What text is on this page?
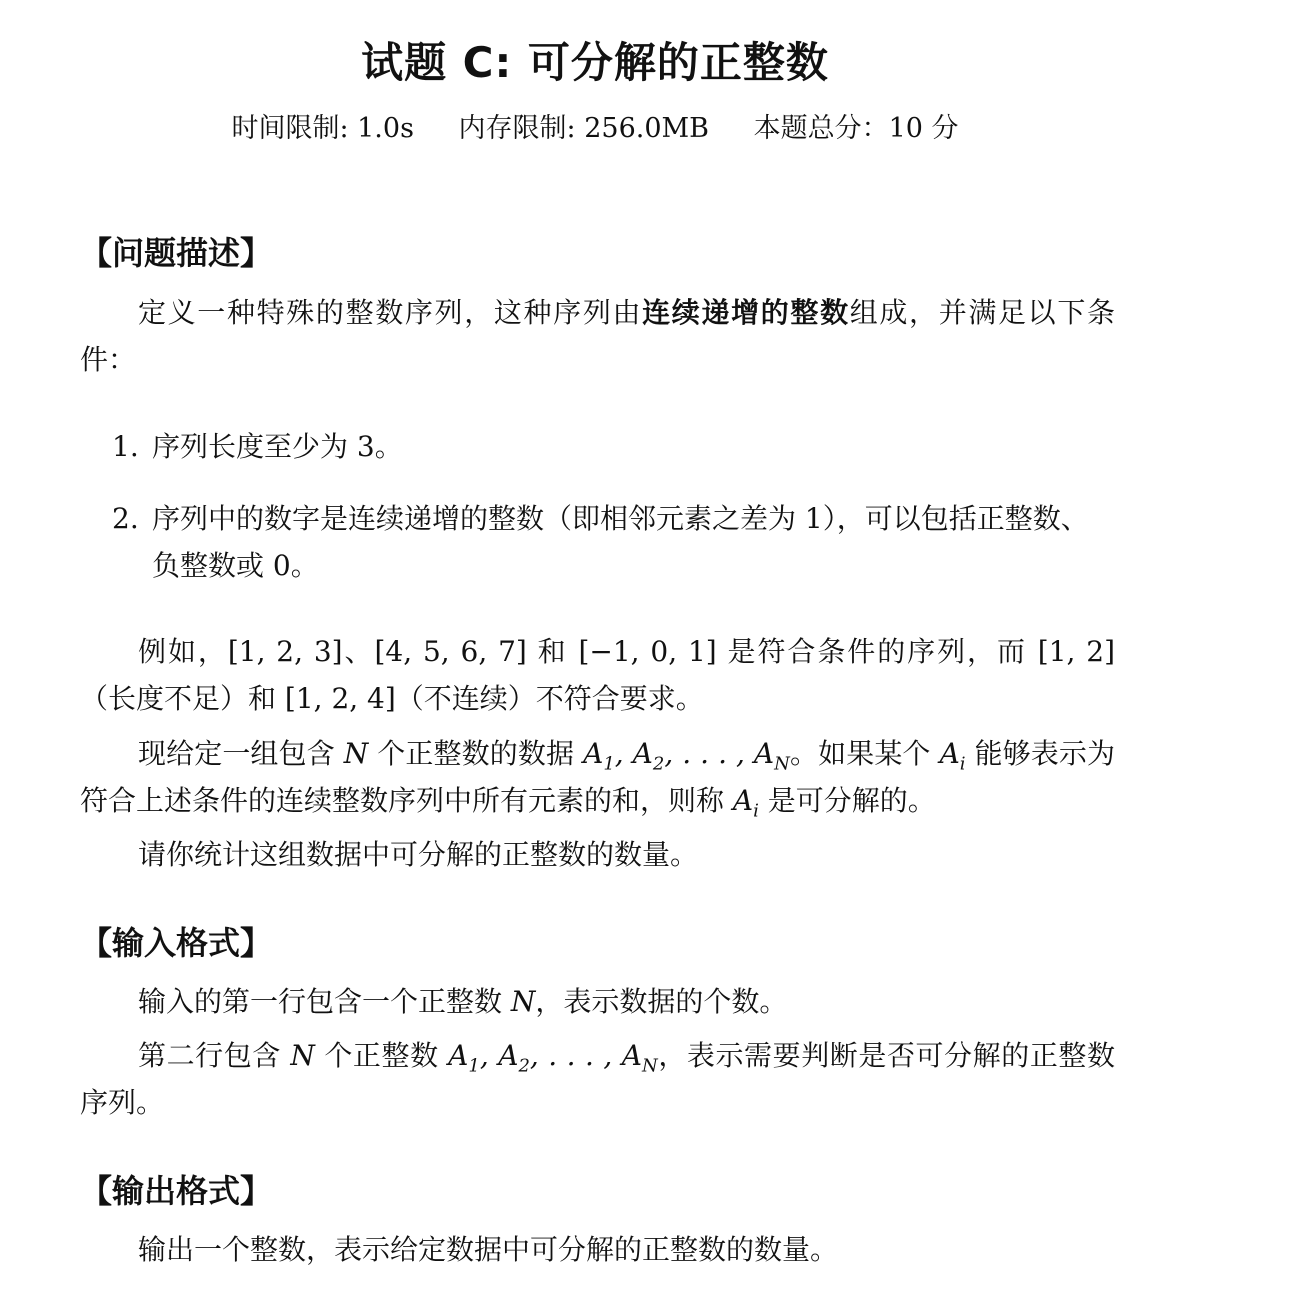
试题 C: 可分解的正整数
时间限制: 1.0s 内存限制: 256.0MB 本题总分：10 分
【问题描述】
定义一种特殊的整数序列，这种序列由连续递增的整数组成，并满足以下条件：
1. 序列长度至少为 3。
2. 序列中的数字是连续递增的整数（即相邻元素之差为 1），可以包括正整数、负整数或 0。
例如，[1, 2, 3]、[4, 5, 6, 7] 和 [−1, 0, 1] 是符合条件的序列，而 [1, 2]（长度不足）和 [1, 2, 4]（不连续）不符合要求。
现给定一组包含 N 个正整数的数据 $A_1$, $A_2$, . . . , $A_N$。如果某个 $A_i$ 能够表示为符合上述条件的连续整数序列中所有元素的和，则称 $A_i$ 是可分解的。
请你统计这组数据中可分解的正整数的数量。
【输入格式】
输入的第一行包含一个正整数 N，表示数据的个数。
第二行包含 N 个正整数 $A_1$, $A_2$, . . . , $A_N$，表示需要判断是否可分解的正整数序列。
【输出格式】
输出一个整数，表示给定数据中可分解的正整数的数量。
